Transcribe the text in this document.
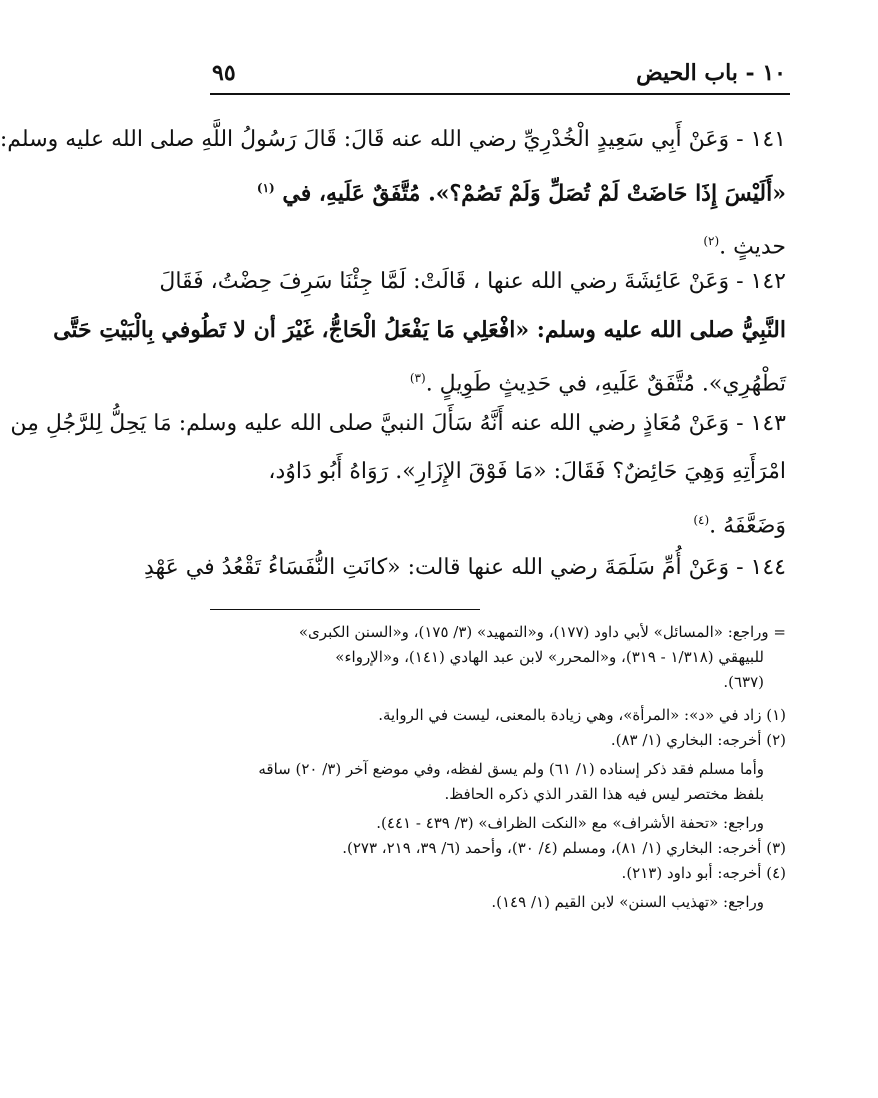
١٠ - باب الحيض
٩٥
١٤١ - وَعَنْ أَبِي سَعِيدٍ الْخُدْرِيِّ رضي الله عنه قَالَ: قَالَ رَسُولُ اللَّهِ صلى الله عليه وسلم:
«أَلَيْسَ إِذَا حَاضَتْ لَمْ تُصَلِّ وَلَمْ تَصُمْ؟». مُتَّفَقٌ عَلَيهِ، في $^{(١)}$
حديثٍ .$^{(٢)}$
١٤٢ - وَعَنْ عَائِشَةَ رضي الله عنها ، قَالَتْ: لَمَّا جِئْنَا سَرِفَ حِضْتُ، فَقَالَ
النَّبِيُّ صلى الله عليه وسلم: «افْعَلِي مَا يَفْعَلُ الْحَاجُّ، غَيْرَ أن لا تَطُوفي بِالْبَيْتِ حَتَّى
تَطْهُرِي». مُتَّفَقٌ عَلَيهِ، في حَدِيثٍ طَوِيلٍ .$^{(٣)}$
١٤٣ - وَعَنْ مُعَاذٍ رضي الله عنه أَنَّهُ سَأَلَ النبيَّ صلى الله عليه وسلم: مَا يَحِلُّ لِلرَّجُلِ مِن
امْرَأَتِهِ وَهِيَ حَائِضٌ؟ فَقَالَ: «مَا فَوْقَ الإِزَارِ». رَوَاهُ أَبُو دَاوُد،
وَضَعَّفَهُ .$^{(٤)}$
١٤٤ - وَعَنْ أُمِّ سَلَمَةَ رضي الله عنها قالت: «كانَتِ النُّفَسَاءُ تَقْعُدُ في عَهْدِ
= وراجع: «المسائل» لأبي داود (١٧٧)، و«التمهيد» (٣/ ١٧٥)، و«السنن الكبرى»
للبيهقي (١/٣١٨ - ٣١٩)، و«المحرر» لابن عبد الهادي (١٤١)، و«الإرواء»
(٦٣٧).
(١) زاد في «د»: «المرأة»، وهي زيادة بالمعنى، ليست في الرواية.
(٢) أخرجه: البخاري (١/ ٨٣).
وأما مسلم فقد ذكر إسناده (١/ ٦١) ولم يسق لفظه، وفي موضع آخر (٣/ ٢٠) ساقه
بلفظ مختصر ليس فيه هذا القدر الذي ذكره الحافظ.
وراجع: «تحفة الأشراف» مع «النكت الظراف» (٣/ ٤٣٩ - ٤٤١).
(٣) أخرجه: البخاري (١/ ٨١)، ومسلم (٤/ ٣٠)، وأحمد (٦/ ٣٩، ٢١٩، ٢٧٣).
(٤) أخرجه: أبو داود (٢١٣).
وراجع: «تهذيب السنن» لابن القيم (١/ ١٤٩).
